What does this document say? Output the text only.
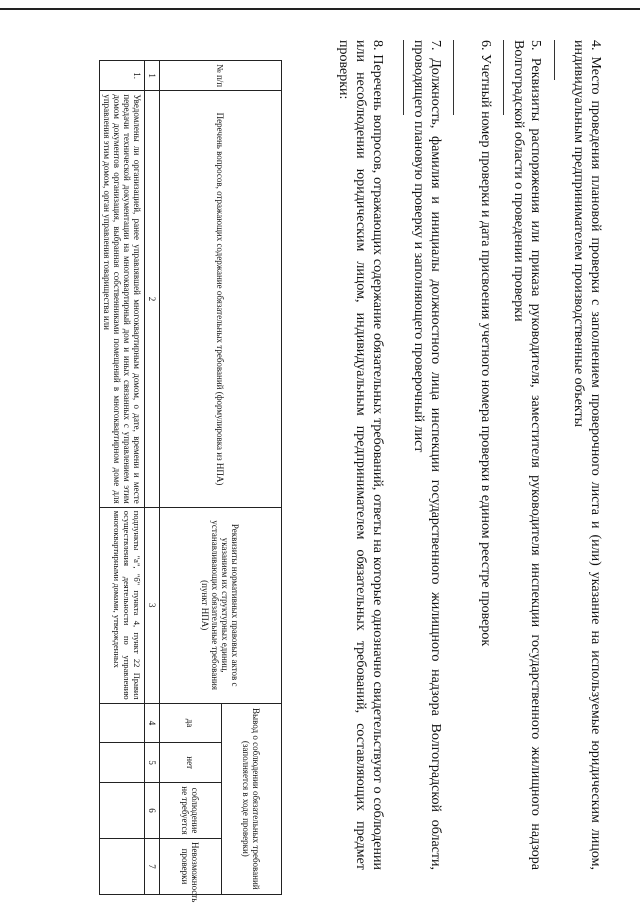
4. Место проведения плановой проверки с заполнением проверочного листа и (или) указание на используемые юридическим лицом, индивидуальным предпринимателем производственные объекты
5. Реквизиты распоряжения или приказа руководителя, заместителя руководителя инспекции государственного жилищного надзора Волгоградской области о проведении проверки
6. Учетный номер проверки и дата присвоения учетного номера проверки в едином реестре проверок
7. Должность, фамилия и инициалы должностного лица инспекции государственного жилищного надзора Волгоградской области, проводящего плановую проверку и заполняющего проверочный лист
8. Перечень вопросов, отражающих содержание обязательных требований, ответы на которые однозначно свидетельствуют о соблюдении или несоблюдении юридическим лицом, индивидуальным предпринимателем обязательных требований, составляющих предмет проверки:
№ п/п	Перечень вопросов, отражающих содержание обязательных требований (формулировка из НПА)	Реквизиты нормативных правовых актов с указанием их структурных единиц, устанавливающих обязательные требования (пункт НПА)	Вывод о соблюдении обязательных требований (заполняется в ходе проверки)			
			да	нет	соблюдение не требуется	Невозможность проверки
1	2	3	4	5	6	7
1.	Уведомлены ли организацией, ранее управлявшей многоквартирным домом, о дате, времени и месте передачи технической документации на многоквартирный дом и иных связанных с управлением этим домом документов организация, выбранная собственниками помещений в многоквартирном доме для управления этим домом, орган управления товарищества или	подпункты "а", "б" пункта 4, пункт 22 Правил осуществления деятельности по управлению многоквартирными домами, утвержденных				
